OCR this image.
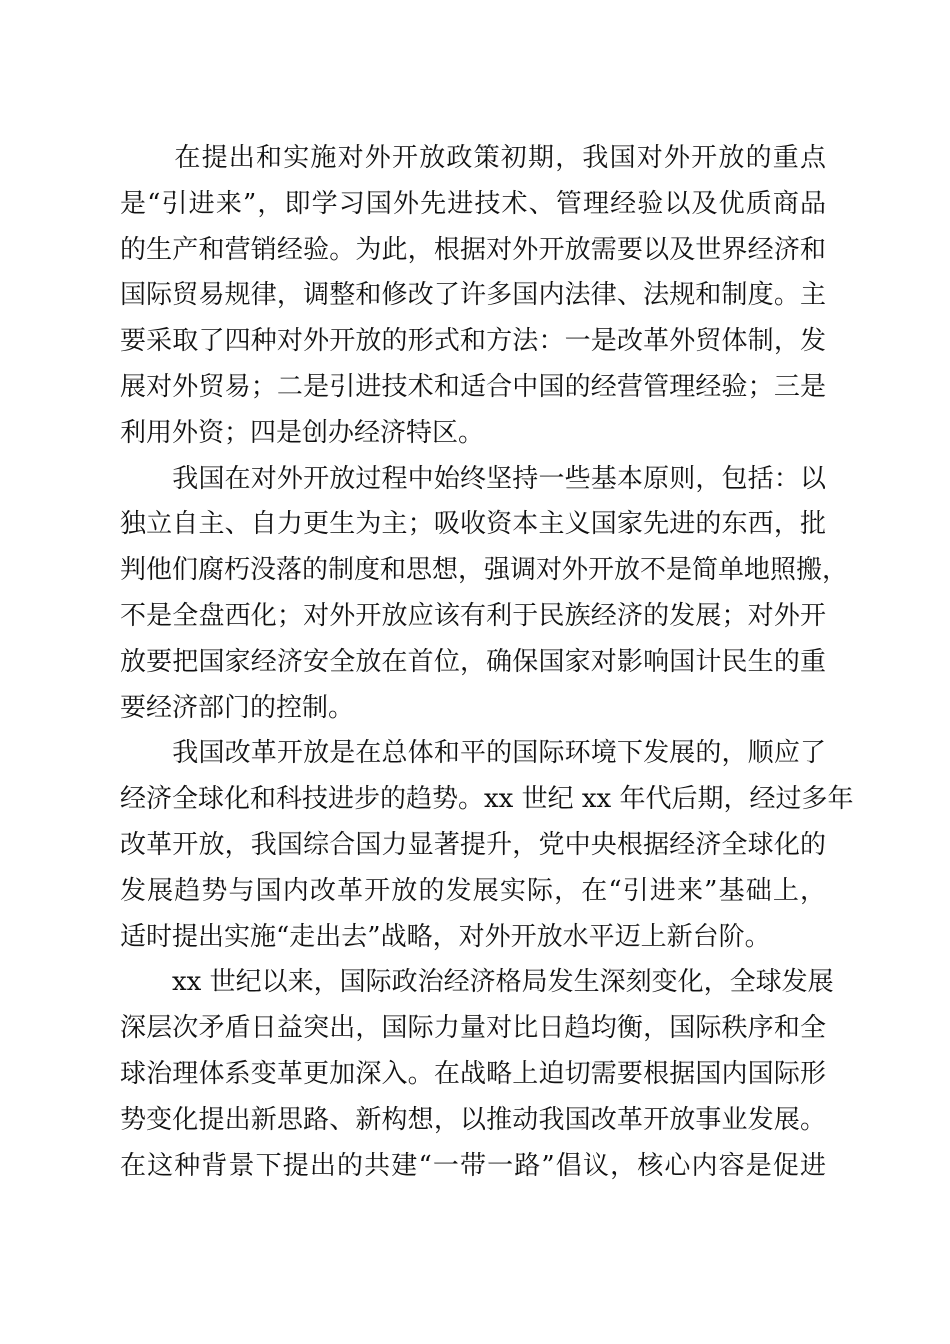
　　在提出和实施对外开放政策初期，我国对外开放的重点
是“引进来”，即学习国外先进技术、管理经验以及优质商品
的生产和营销经验。为此，根据对外开放需要以及世界经济和
国际贸易规律，调整和修改了许多国内法律、法规和制度。主
要采取了四种对外开放的形式和方法：一是改革外贸体制，发
展对外贸易；二是引进技术和适合中国的经营管理经验；三是
利用外资；四是创办经济特区。
　　我国在对外开放过程中始终坚持一些基本原则，包括：以
独立自主、自力更生为主；吸收资本主义国家先进的东西，批
判他们腐朽没落的制度和思想，强调对外开放不是简单地照搬，
不是全盘西化；对外开放应该有利于民族经济的发展；对外开
放要把国家经济安全放在首位，确保国家对影响国计民生的重
要经济部门的控制。
　　我国改革开放是在总体和平的国际环境下发展的，顺应了
经济全球化和科技进步的趋势。xx 世纪 xx 年代后期，经过多年
改革开放，我国综合国力显著提升，党中央根据经济全球化的
发展趋势与国内改革开放的发展实际，在“引进来”基础上，
适时提出实施“走出去”战略，对外开放水平迈上新台阶。
　　xx 世纪以来，国际政治经济格局发生深刻变化，全球发展
深层次矛盾日益突出，国际力量对比日趋均衡，国际秩序和全
球治理体系变革更加深入。在战略上迫切需要根据国内国际形
势变化提出新思路、新构想，以推动我国改革开放事业发展。
在这种背景下提出的共建“一带一路”倡议，核心内容是促进
